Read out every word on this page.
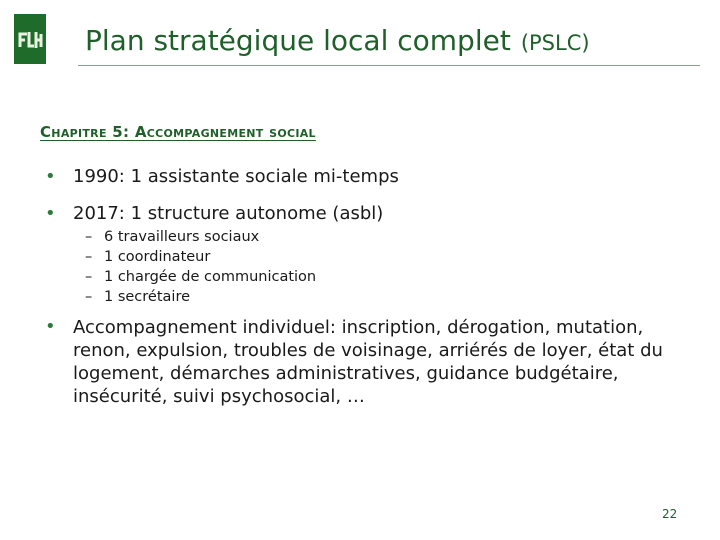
Plan stratégique local complet (PSLC)
Chapitre 5: Accompagnement social
• 1990: 1 assistante sociale mi-temps
• 2017: 1 structure autonome (asbl)
– 6 travailleurs sociaux
– 1 coordinateur
– 1 chargée de communication
– 1 secrétaire
• Accompagnement individuel: inscription, dérogation, mutation, renon, expulsion, troubles de voisinage, arriérés de loyer, état du logement, démarches administratives, guidance budgétaire, insécurité, suivi psychosocial, …
22
